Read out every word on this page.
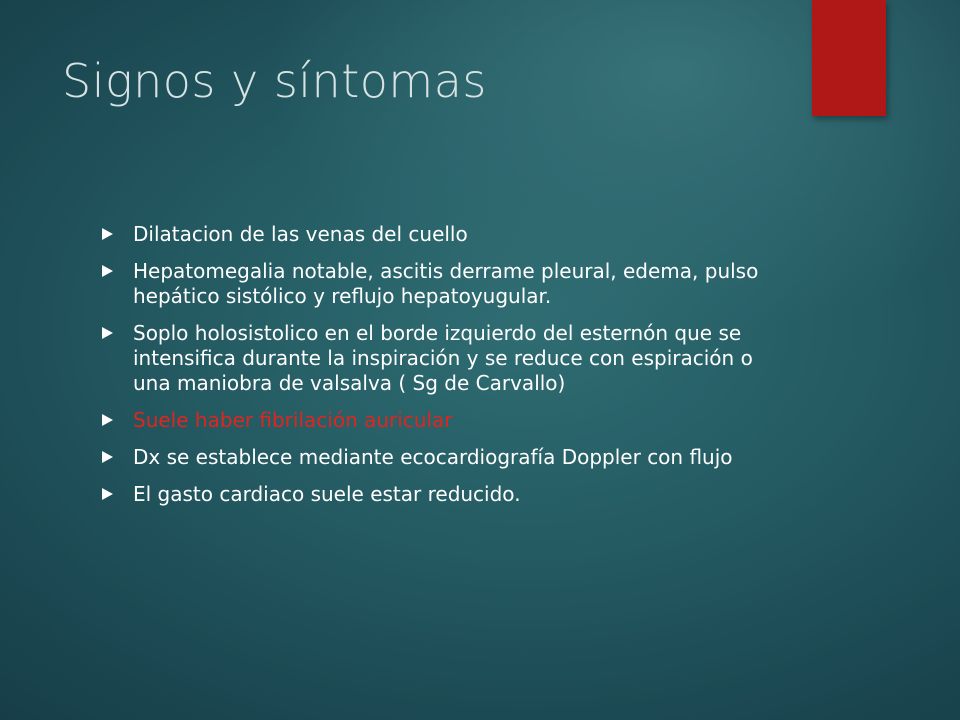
Signos y síntomas
Dilatacion de las venas del cuello
Hepatomegalia notable, ascitis derrame pleural, edema, pulso hepático sistólico y reflujo hepatoyugular.
Soplo holosistolico en el borde izquierdo del esternón que se intensifica durante la inspiración y se reduce con espiración o una maniobra de valsalva ( Sg de Carvallo)
Suele haber fibrilación auricular
Dx se establece mediante ecocardiografía Doppler con flujo
El gasto cardiaco suele estar reducido.
